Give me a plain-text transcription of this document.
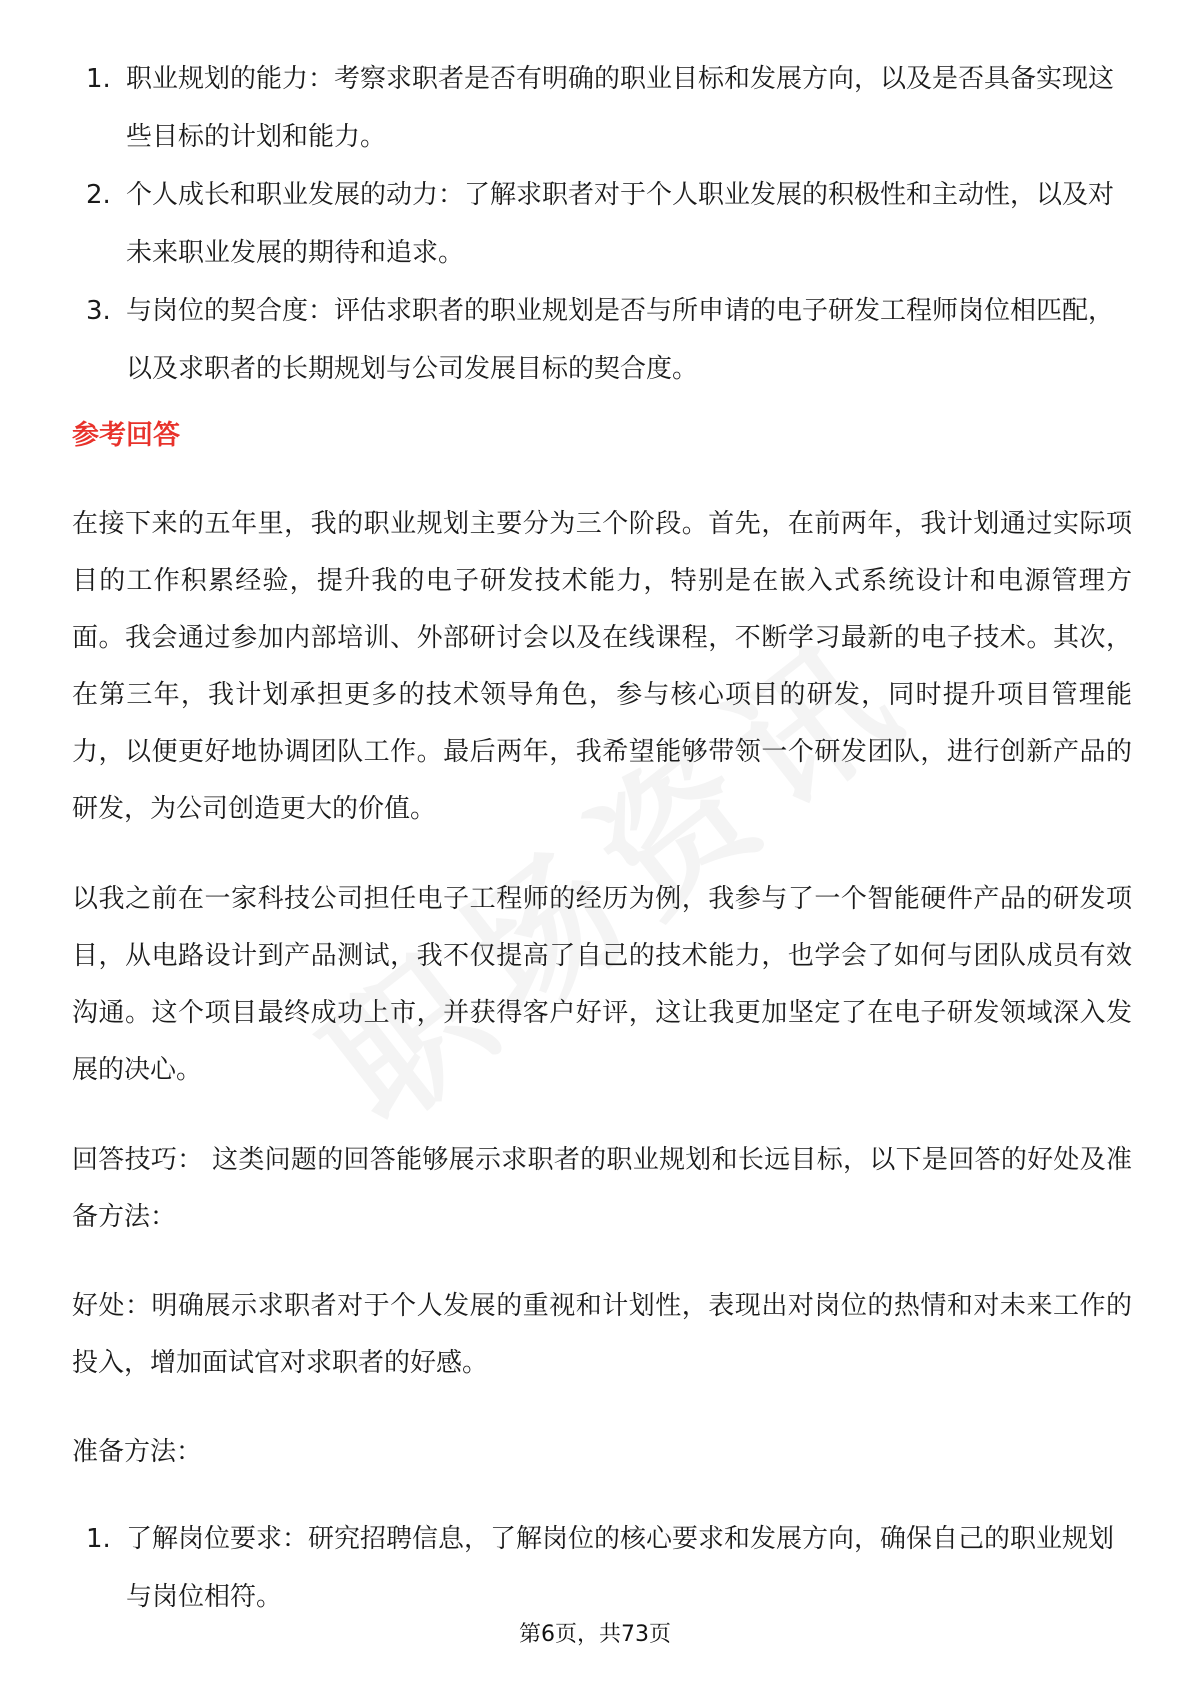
1. 职业规划的能力：考察求职者是否有明确的职业目标和发展方向，以及是否具备实现这些目标的计划和能力。
2. 个人成长和职业发展的动力：了解求职者对于个人职业发展的积极性和主动性，以及对未来职业发展的期待和追求。
3. 与岗位的契合度：评估求职者的职业规划是否与所申请的电子研发工程师岗位相匹配，以及求职者的长期规划与公司发展目标的契合度。
参考回答

在接下来的五年里，我的职业规划主要分为三个阶段。首先，在前两年，我计划通过实际项目的工作积累经验，提升我的电子研发技术能力，特别是在嵌入式系统设计和电源管理方面。我会通过参加内部培训、外部研讨会以及在线课程，不断学习最新的电子技术。其次，在第三年，我计划承担更多的技术领导角色，参与核心项目的研发，同时提升项目管理能力，以便更好地协调团队工作。最后两年，我希望能够带领一个研发团队，进行创新产品的研发，为公司创造更大的价值。

以我之前在一家科技公司担任电子工程师的经历为例，我参与了一个智能硬件产品的研发项目，从电路设计到产品测试，我不仅提高了自己的技术能力，也学会了如何与团队成员有效沟通。这个项目最终成功上市，并获得客户好评，这让我更加坚定了在电子研发领域深入发展的决心。

回答技巧： 这类问题的回答能够展示求职者的职业规划和长远目标，以下是回答的好处及准备方法：

好处：明确展示求职者对于个人发展的重视和计划性，表现出对岗位的热情和对未来工作的投入，增加面试官对求职者的好感。

准备方法：

1. 了解岗位要求：研究招聘信息，了解岗位的核心要求和发展方向，确保自己的职业规划与岗位相符。
第6页，共73页
